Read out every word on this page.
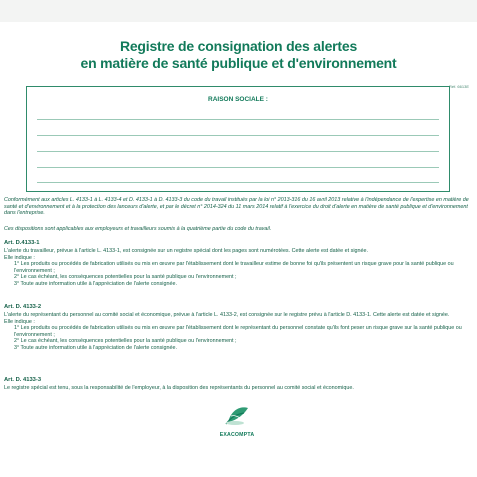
Registre de consignation des alertes
en matière de santé publique et d'environnement
Réf. 6613E
RAISON SOCIALE :
Conformément aux articles L. 4133-1 à L. 4133-4 et D. 4133-1 à D. 4133-3 du code du travail institués par la loi n° 2013-316 du 16 avril 2013 relative à l'indépendance de l'expertise en matière de santé et d'environnement et à la protection des lanceurs d'alerte, et par le décret n° 2014-324 du 11 mars 2014 relatif à l'exercice du droit d'alerte en matière de santé publique et d'environnement dans l'entreprise.
Ces dispositions sont applicables aux employeurs et travailleurs soumis à la quatrième partie du code du travail.
Art. D.4133-1
L'alerte du travailleur, prévue à l'article L. 4133-1, est consignée sur un registre spécial dont les pages sont numérotées. Cette alerte est datée et signée.
Elle indique :
1° Les produits ou procédés de fabrication utilisés ou mis en œuvre par l'établissement dont le travailleur estime de bonne foi qu'ils présentent un risque grave pour la santé publique ou l'environnement ;
2° Le cas échéant, les conséquences potentielles pour la santé publique ou l'environnement ;
3° Toute autre information utile à l'appréciation de l'alerte consignée.
Art. D. 4133-2
L'alerte du représentant du personnel au comité social et économique, prévue à l'article L. 4133-2, est consignée sur le registre prévu à l'article D. 4133-1. Cette alerte est datée et signée.
Elle indique :
1° Les produits ou procédés de fabrication utilisés ou mis en œuvre par l'établissement dont le représentant du personnel constate qu'ils font peser un risque grave sur la santé publique ou l'environnement ;
2° Le cas échéant, les conséquences potentielles pour la santé publique ou l'environnement ;
3° Toute autre information utile à l'appréciation de l'alerte consignée.
Art. D. 4133-3
Le registre spécial est tenu, sous la responsabilité de l'employeur, à la disposition des représentants du personnel au comité social et économique.
EXACOMPTA
